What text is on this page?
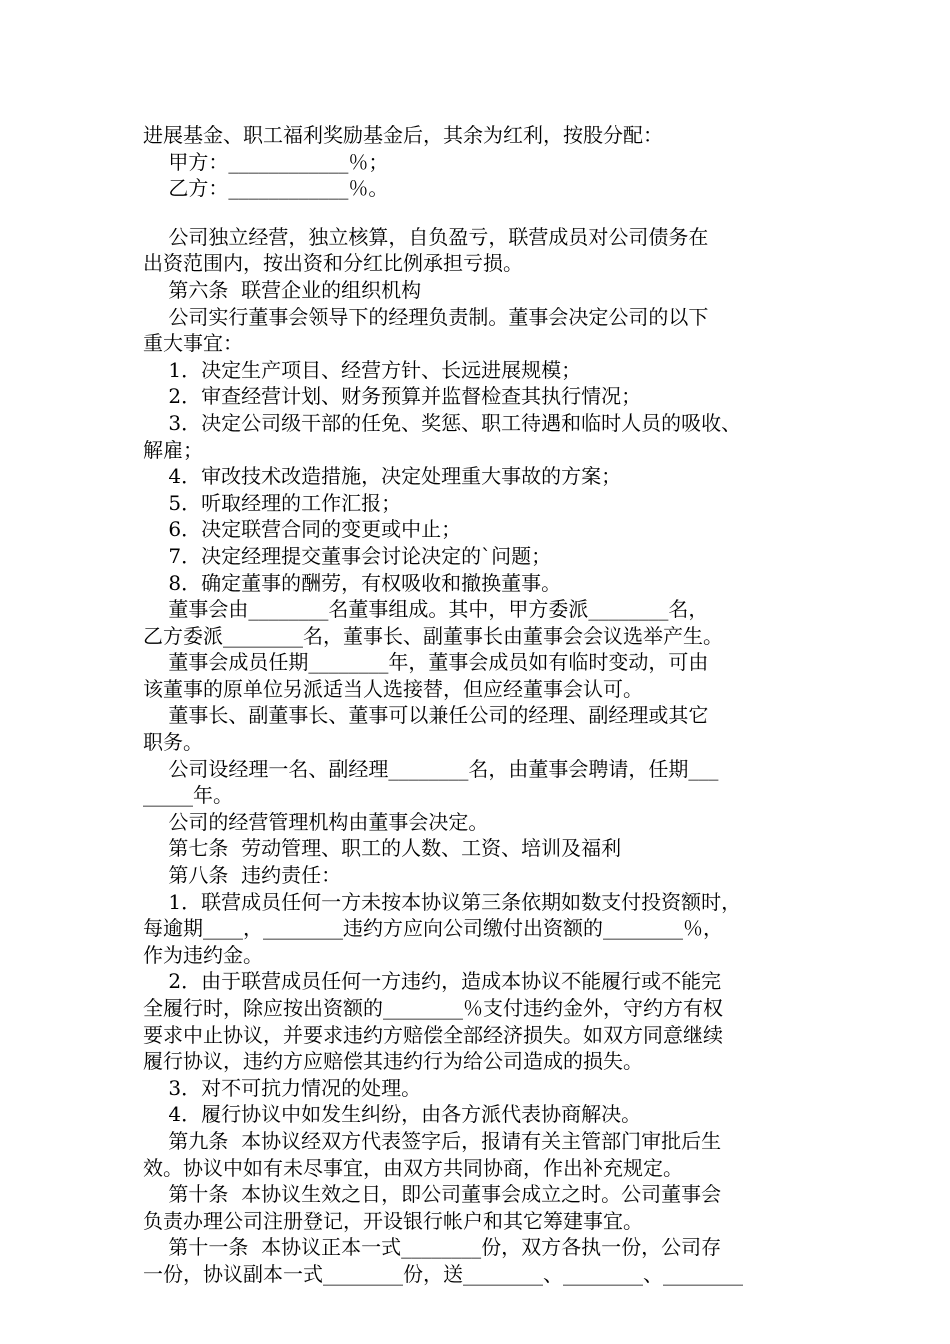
进展基金、职工福利奖励基金后，其余为红利，按股分配：
甲方：____________％；
乙方：____________％。
公司独立经营，独立核算，自负盈亏，联营成员对公司债务在
出资范围内，按出资和分红比例承担亏损。
第六条  联营企业的组织机构
公司实行董事会领导下的经理负责制。董事会决定公司的以下
重大事宜：
1．决定生产项目、经营方针、长远进展规模；
2．审查经营计划、财务预算并监督检查其执行情况；
3．决定公司级干部的任免、奖惩、职工待遇和临时人员的吸收、
解雇；
4．审改技术改造措施，决定处理重大事故的方案；
5．听取经理的工作汇报；
6．决定联营合同的变更或中止；
7．决定经理提交董事会讨论决定的`问题；
8．确定董事的酬劳，有权吸收和撤换董事。
董事会由________名董事组成。其中，甲方委派________名，
乙方委派________名，董事长、副董事长由董事会会议选举产生。
董事会成员任期________年，董事会成员如有临时变动，可由
该董事的原单位另派适当人选接替，但应经董事会认可。
董事长、副董事长、董事可以兼任公司的经理、副经理或其它
职务。
公司设经理一名、副经理________名，由董事会聘请，任期___
_____年。
公司的经营管理机构由董事会决定。
第七条  劳动管理、职工的人数、工资、培训及福利
第八条  违约责任：
1．联营成员任何一方未按本协议第三条依期如数支付投资额时，
每逾期____，________违约方应向公司缴付出资额的________％，
作为违约金。
2．由于联营成员任何一方违约，造成本协议不能履行或不能完
全履行时，除应按出资额的________％支付违约金外，守约方有权
要求中止协议，并要求违约方赔偿全部经济损失。如双方同意继续
履行协议，违约方应赔偿其违约行为给公司造成的损失。
3．对不可抗力情况的处理。
4．履行协议中如发生纠纷，由各方派代表协商解决。
第九条  本协议经双方代表签字后，报请有关主管部门审批后生
效。协议中如有未尽事宜，由双方共同协商，作出补充规定。
第十条  本协议生效之日，即公司董事会成立之时。公司董事会
负责办理公司注册登记，开设银行帐户和其它筹建事宜。
第十一条  本协议正本一式________份，双方各执一份，公司存
一份，协议副本一式________份，送________、________、________
